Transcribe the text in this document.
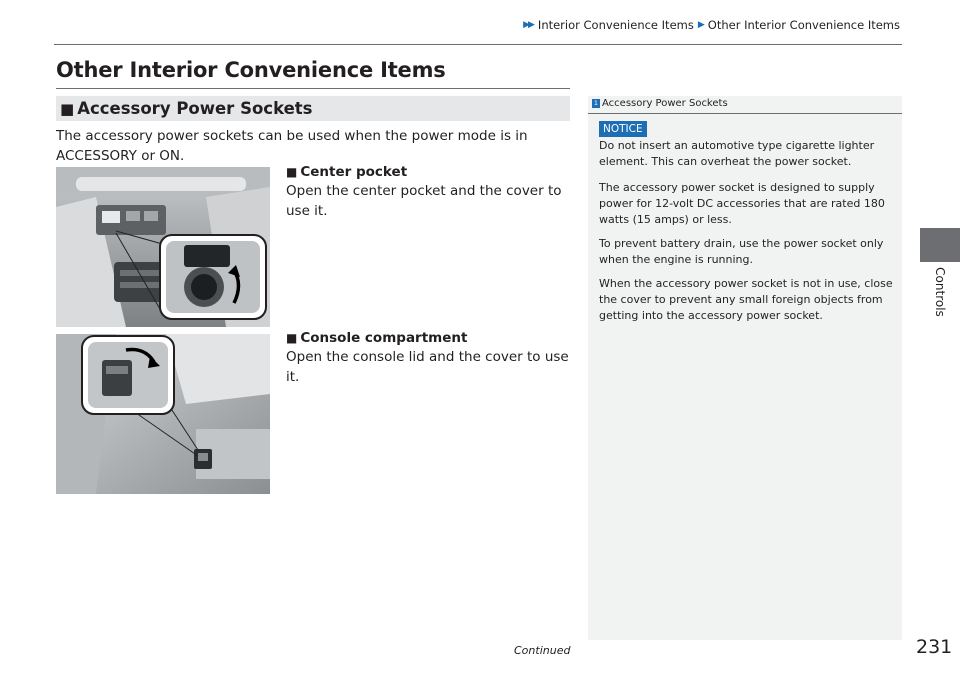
▶▶ Interior Convenience Items ▶ Other Interior Convenience Items
Controls
Other Interior Convenience Items
■ Accessory Power Sockets

The accessory power sockets can be used when the power mode is in ACCESSORY or ON.

■ Center pocket

Open the center pocket and the cover to use it.

■ Console compartment

Open the console lid and the cover to use it.

1 Accessory Power Sockets
NOTICE

Do not insert an automotive type cigarette lighter element. This can overheat the power socket.

The accessory power socket is designed to supply power for 12-volt DC accessories that are rated 180 watts (15 amps) or less.

To prevent battery drain, use the power socket only when the engine is running.

When the accessory power socket is not in use, close the cover to prevent any small foreign objects from getting into the accessory power socket.

Continued	231
